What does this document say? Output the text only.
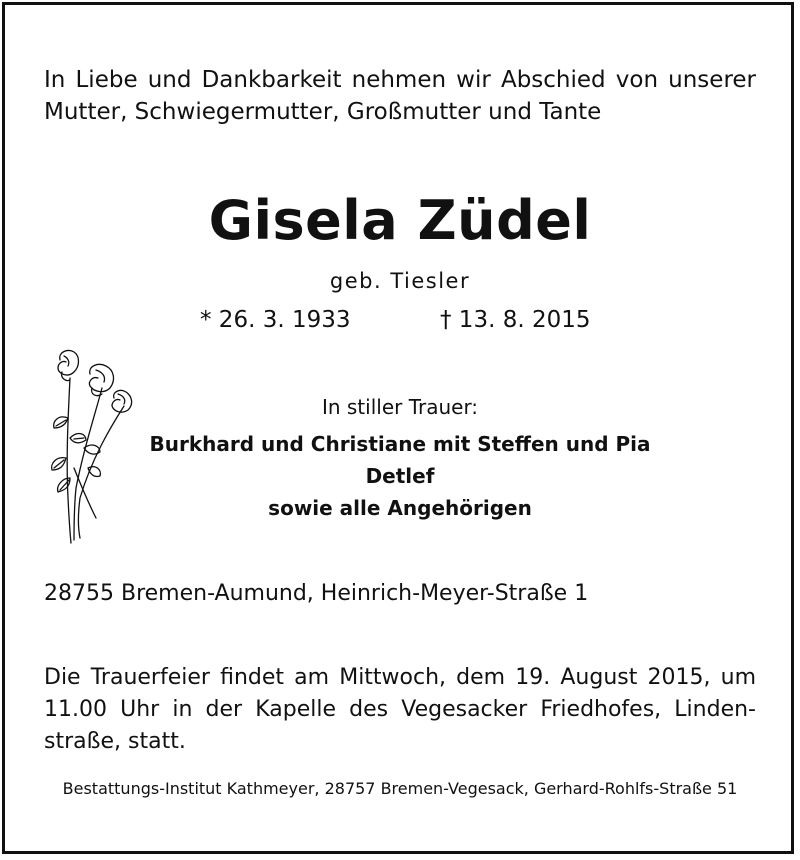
In Liebe und Dankbarkeit nehmen wir Abschied von unserer
Mutter, Schwiegermutter, Großmutter und Tante
Gisela Züdel
geb. Tiesler
* 26. 3. 1933	† 13. 8. 2015
In stiller Trauer:
Burkhard und Christiane mit Steffen und Pia
Detlef
sowie alle Angehörigen
28755 Bremen-Aumund, Heinrich-Meyer-Straße 1
Die Trauerfeier findet am Mittwoch, dem 19. August 2015, um
11.00 Uhr in der Kapelle des Vegesacker Friedhofes, Linden-
straße, statt.
Bestattungs-Institut Kathmeyer, 28757 Bremen-Vegesack, Gerhard-Rohlfs-Straße 51
